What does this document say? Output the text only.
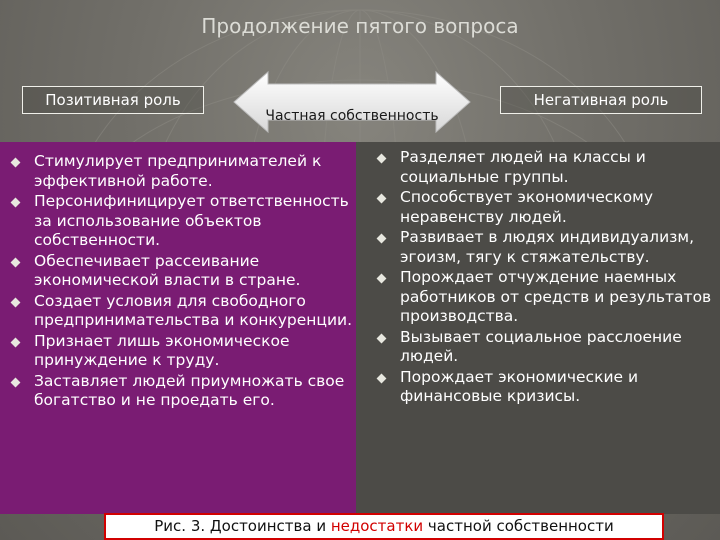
Продолжение пятого вопроса
Позитивная роль	Негативная роль
Частная собственность
Стимулирует предпринимателей к эффективной работе.
Персонифиницирует ответственность за использование объектов собственности.
Обеспечивает рассеивание экономической власти в стране.
Создает условия для свободного предпринимательства и конкуренции.
Признает лишь экономическое принуждение к труду.
Заставляет людей приумножать свое богатство и не проедать его.
Разделяет людей на классы и социальные группы.
Способствует экономическому неравенству людей.
Развивает в людях индивидуализм, эгоизм, тягу к стяжательству.
Порождает отчуждение наемных работников от средств и результатов производства.
Вызывает социальное расслоение людей.
Порождает экономические и финансовые кризисы.
Рис. 3. Достоинства и недостатки частной собственности
